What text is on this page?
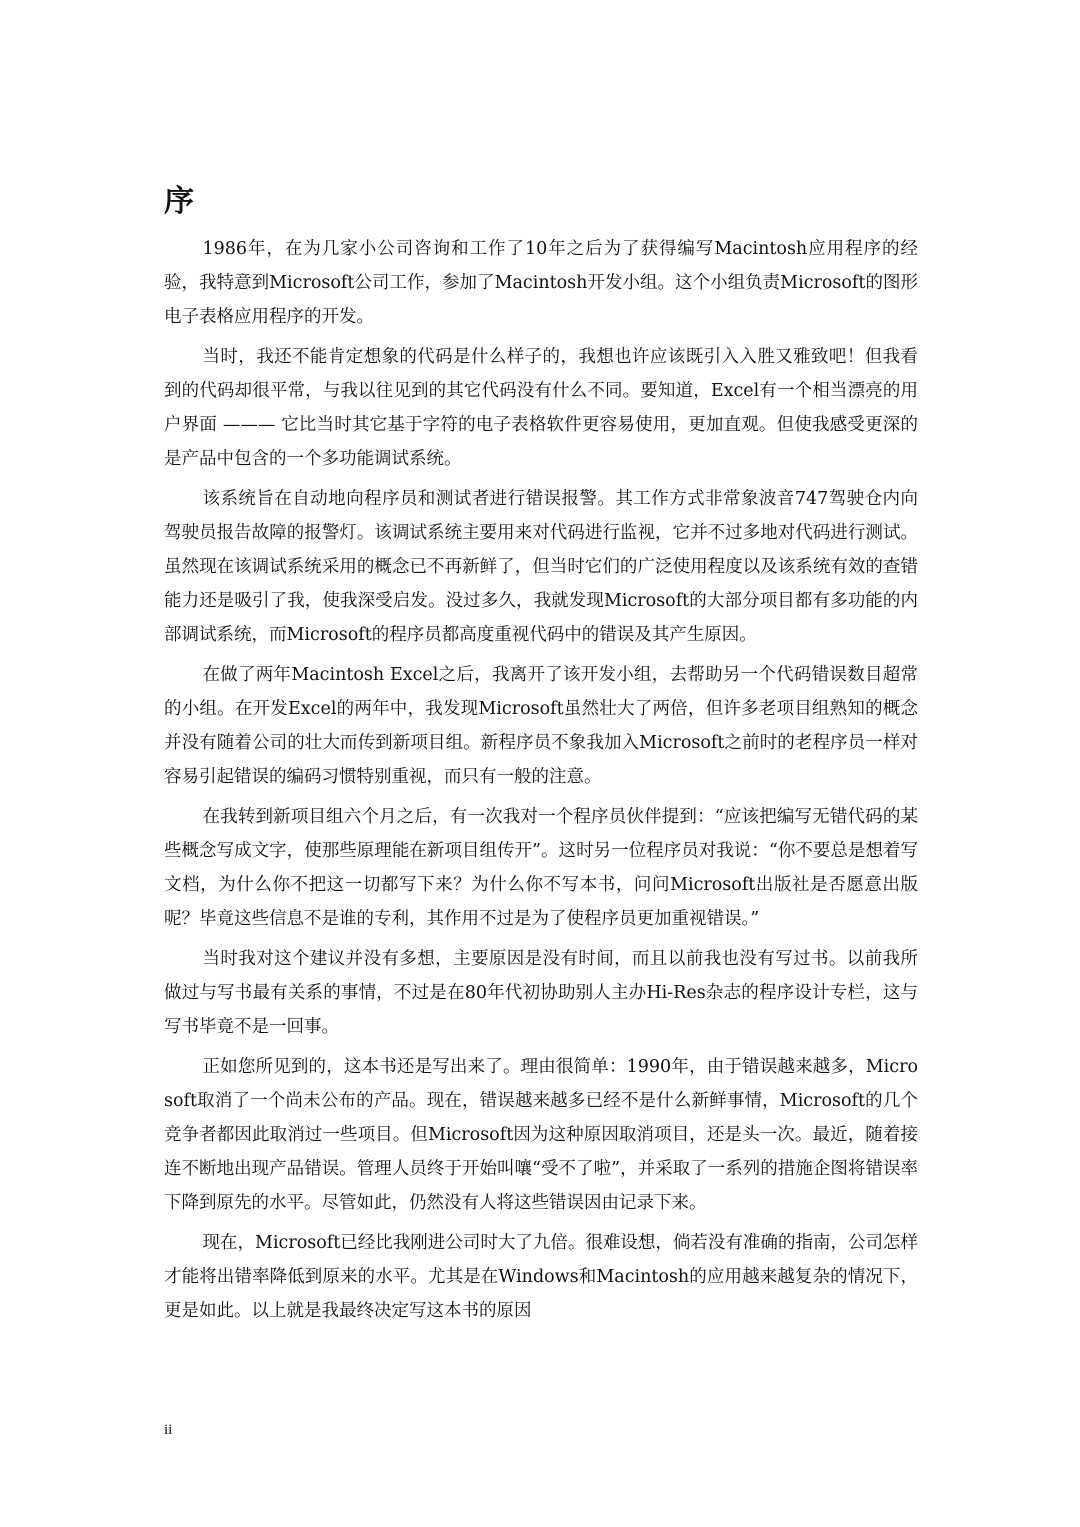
序

1986年，在为几家小公司咨询和工作了10年之后为了获得编写Macintosh应用程序的经验，我特意到Microsoft公司工作，参加了Macintosh开发小组。这个小组负责Microsoft的图形电子表格应用程序的开发。

当时，我还不能肯定想象的代码是什么样子的，我想也许应该既引入入胜又雅致吧！但我看到的代码却很平常，与我以往见到的其它代码没有什么不同。要知道，Excel有一个相当漂亮的用户界面 ——— 它比当时其它基于字符的电子表格软件更容易使用，更加直观。但使我感受更深的是产品中包含的一个多功能调试系统。

该系统旨在自动地向程序员和测试者进行错误报警。其工作方式非常象波音747驾驶仓内向驾驶员报告故障的报警灯。该调试系统主要用来对代码进行监视，它并不过多地对代码进行测试。虽然现在该调试系统采用的概念已不再新鲜了，但当时它们的广泛使用程度以及该系统有效的查错能力还是吸引了我，使我深受启发。没过多久，我就发现Microsoft的大部分项目都有多功能的内部调试系统，而Microsoft的程序员都高度重视代码中的错误及其产生原因。

在做了两年Macintosh Excel之后，我离开了该开发小组，去帮助另一个代码错误数目超常的小组。在开发Excel的两年中，我发现Microsoft虽然壮大了两倍，但许多老项目组熟知的概念并没有随着公司的壮大而传到新项目组。新程序员不象我加入Microsoft之前时的老程序员一样对容易引起错误的编码习惯特别重视，而只有一般的注意。

在我转到新项目组六个月之后，有一次我对一个程序员伙伴提到：“应该把编写无错代码的某些概念写成文字，使那些原理能在新项目组传开”。这时另一位程序员对我说：“你不要总是想着写文档，为什么你不把这一切都写下来？为什么你不写本书，问问Microsoft出版社是否愿意出版呢？毕竟这些信息不是谁的专利，其作用不过是为了使程序员更加重视错误。”

当时我对这个建议并没有多想，主要原因是没有时间，而且以前我也没有写过书。以前我所做过与写书最有关系的事情，不过是在80年代初协助别人主办Hi-Res杂志的程序设计专栏，这与写书毕竟不是一回事。

正如您所见到的，这本书还是写出来了。理由很简单：1990年，由于错误越来越多，Microsoft取消了一个尚未公布的产品。现在，错误越来越多已经不是什么新鲜事情，Microsoft的几个竞争者都因此取消过一些项目。但Microsoft因为这种原因取消项目，还是头一次。最近，随着接连不断地出现产品错误。管理人员终于开始叫嚷“受不了啦”，并采取了一系列的措施企图将错误率下降到原先的水平。尽管如此，仍然没有人将这些错误因由记录下来。

现在，Microsoft已经比我刚进公司时大了九倍。很难设想，倘若没有准确的指南，公司怎样才能将出错率降低到原来的水平。尤其是在Windows和Macintosh的应用越来越复杂的情况下，更是如此。以上就是我最终决定写这本书的原因

ii
